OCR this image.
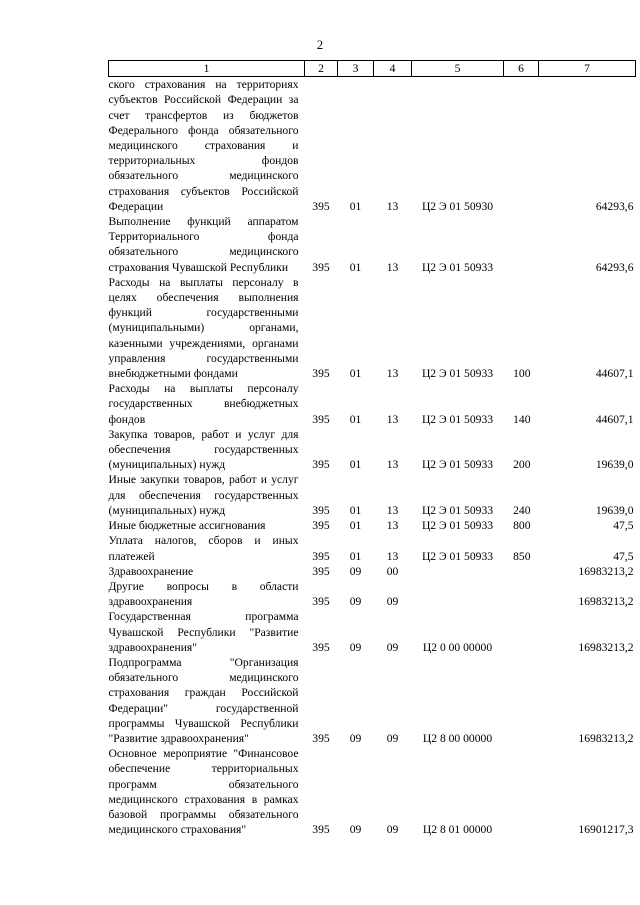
2
1	2	3	4	5	6	7
ского страхования на территориях субъектов Российской Федерации за счет трансфертов из бюджетов Федерального фонда обязательного медицинского страхования и территориальных фондов обязательного медицинского страхования субъектов Российской Федерации	395	01	13	Ц2 Э 01 50930		64293,6
Выполнение функций аппаратом Территориального фонда обязательного медицинского страхования Чувашской Республики	395	01	13	Ц2 Э 01 50933		64293,6
Расходы на выплаты персоналу в целях обеспечения выполнения функций государственными (муниципальными) органами, казенными учреждениями, органами управления государственными внебюджетными фондами	395	01	13	Ц2 Э 01 50933	100	44607,1
Расходы на выплаты персоналу государственных внебюджетных фондов	395	01	13	Ц2 Э 01 50933	140	44607,1
Закупка товаров, работ и услуг для обеспечения государственных (муниципальных) нужд	395	01	13	Ц2 Э 01 50933	200	19639,0
Иные закупки товаров, работ и услуг для обеспечения государственных (муниципальных) нужд	395	01	13	Ц2 Э 01 50933	240	19639,0
Иные бюджетные ассигнования	395	01	13	Ц2 Э 01 50933	800	47,5
Уплата налогов, сборов и иных платежей	395	01	13	Ц2 Э 01 50933	850	47,5
Здравоохранение	395	09	00			16983213,2
Другие вопросы в области здравоохранения	395	09	09			16983213,2
Государственная программа Чувашской Республики "Развитие здравоохранения"	395	09	09	Ц2 0 00 00000		16983213,2
Подпрограмма "Организация обязательного медицинского страхования граждан Российской Федерации" государственной программы Чувашской Республики "Развитие здравоохранения"	395	09	09	Ц2 8 00 00000		16983213,2
Основное мероприятие "Финансовое обеспечение территориальных программ обязательного медицинского страхования в рамках базовой программы обязательного медицинского страхования"	395	09	09	Ц2 8 01 00000		16901217,3
